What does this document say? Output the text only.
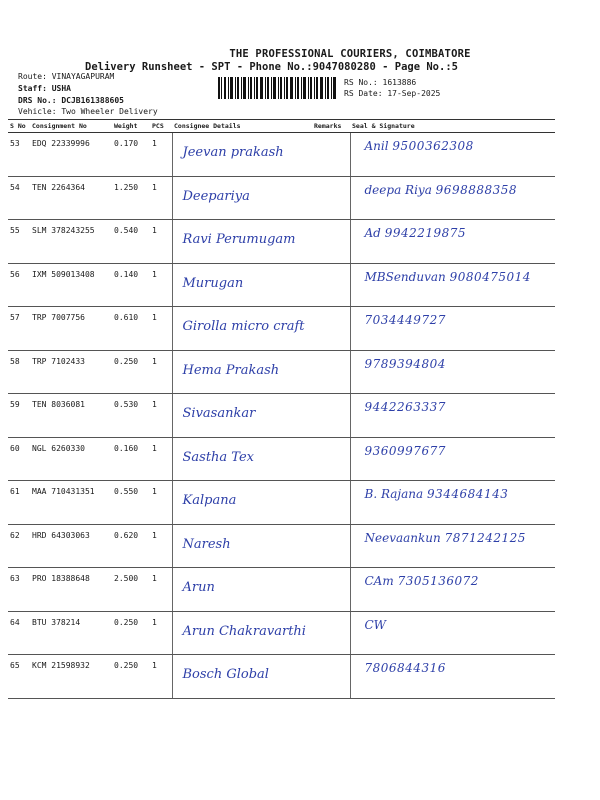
THE PROFESSIONAL COURIERS, COIMBATORE
Delivery Runsheet - SPT - Phone No.:9047080280 - Page No.:5
Route: VINAYAGAPURAM
Staff: USHA
DRS No.: DCJB161388605
Vehicle: Two Wheeler Delivery
RS No.: 1613886
RS Date: 17-Sep-2025
S No	Consignment No	Weight	PCS	Consignee Details	Remarks	Seal & Signature
53	EDQ 22339996	0.170	1	Jeevan prakash		Anil 9500362308

54	TEN 2264364	1.250	1	Deepariya		deepa Riya 9698888358

55	SLM 378243255	0.540	1	Ravi Perumugam		Ad 9942219875

56	IXM 509013408	0.140	1	Murugan		MBSenduvan 9080475014

57	TRP 7007756	0.610	1	Girolla micro craft		7034449727

58	TRP 7102433	0.250	1	Hema Prakash		9789394804

59	TEN 8036081	0.530	1	Sivasankar		9442263337

60	NGL 6260330	0.160	1	Sastha Tex		9360997677

61	MAA 710431351	0.550	1	Kalpana		B. Rajana 9344684143

62	HRD 64303063	0.620	1	Naresh		Neevaankun 7871242125

63	PRO 18388648	2.500	1	Arun		CAm 7305136072

64	BTU 378214	0.250	1	Arun Chakravarthi		CW

65	KCM 21598932	0.250	1	Bosch Global		7806844316
